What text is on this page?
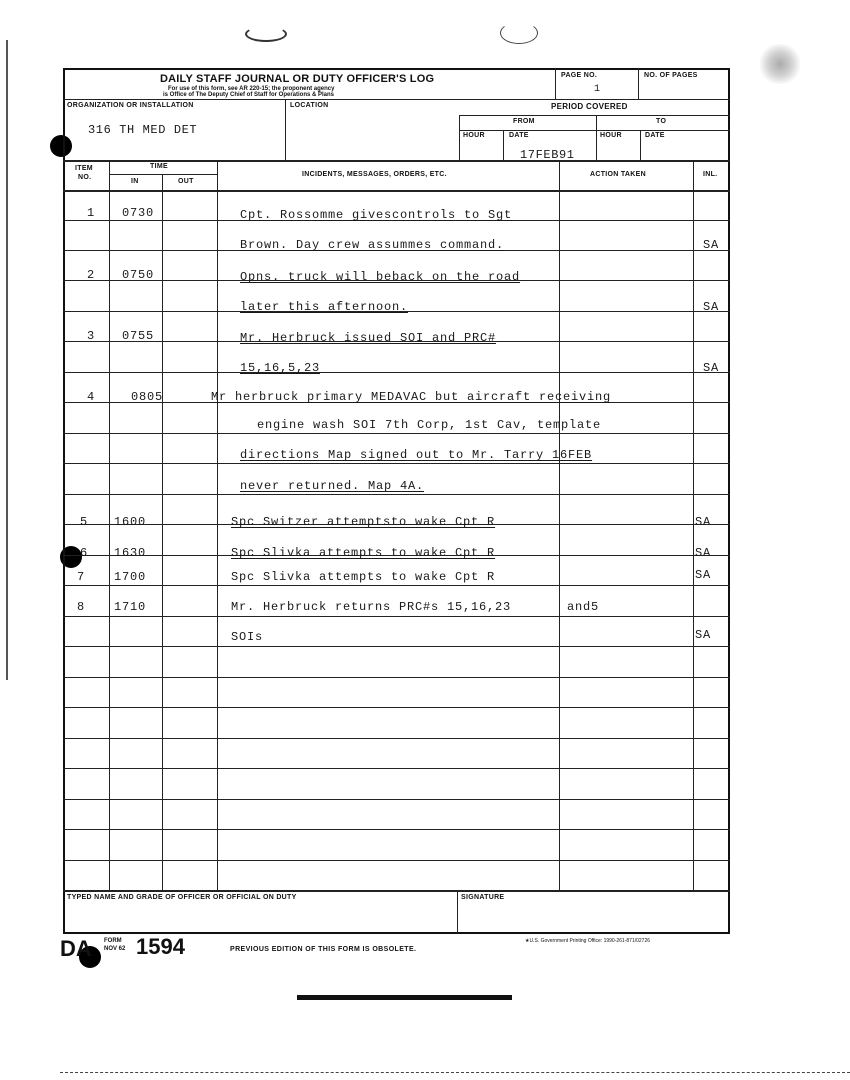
DAILY STAFF JOURNAL OR DUTY OFFICER'S LOG
For use of this form, see AR 220-15; the proponent agency
is Office of The Deputy Chief of Staff for Operations & Plans
PAGE NO.
1
NO. OF PAGES
ORGANIZATION OR INSTALLATION
316 TH MED DET
LOCATION	PERIOD COVERED
FROM	TO
HOUR	DATE	HOUR	DATE
17FEB91
ITEM
NO.
TIME
IN	OUT
INCIDENTS, MESSAGES, ORDERS, ETC.	ACTION TAKEN	INL.
1 0730	Cpt. Rossomme givescontrols to Sgt
Brown. Day crew assummes command.	SA
2 0750	Opns. truck will beback on the road
later this afternoon.	SA
3 0755	Mr. Herbruck issued SOI and PRC#
15,16,5,23	SA
4	0805	Mr herbruck primary MEDAVAC but aircraft receiving
engine wash SOI 7th Corp, 1st Cav, template
directions Map signed out to Mr. Tarry 16FEB
never returned. Map 4A.
5 1600	Spc Switzer attemptsto wake Cpt R	SA
6 1630	Spc Slivka attempts to wake Cpt R	SA
7 1700	Spc Slivka attempts to wake Cpt R	SA
8 1710	Mr. Herbruck returns PRC#s 15,16,23	and5
SOIs	SA
TYPED NAME AND GRADE OF OFFICER OR OFFICIAL ON DUTY	SIGNATURE
DA FORM
NOV 62 1594	PREVIOUS EDITION OF THIS FORM IS OBSOLETE.
★U.S. Government Printing Office: 1990-261-871/02726
